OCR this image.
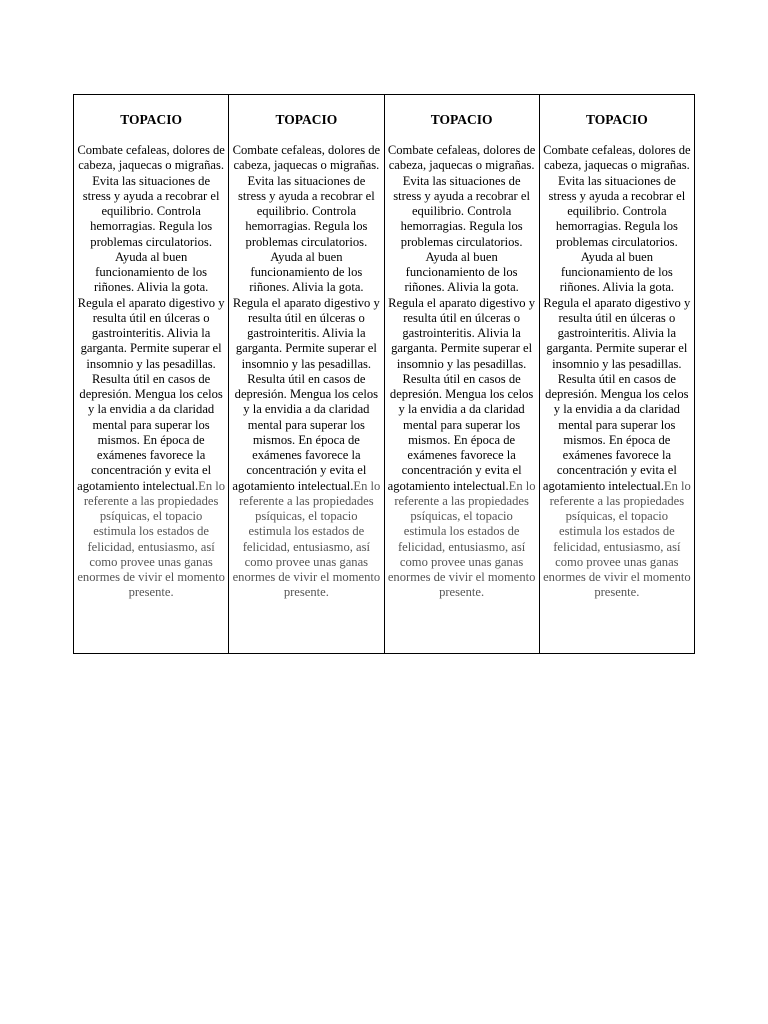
TOPACIO

Combate cefaleas, dolores de cabeza, jaquecas o migrañas. Evita las situaciones de stress y ayuda a recobrar el equilibrio. Controla hemorragias. Regula los problemas circulatorios. Ayuda al buen funcionamiento de los riñones. Alivia la gota. Regula el aparato digestivo y resulta útil en úlceras o gastrointeritis. Alivia la garganta. Permite superar el insomnio y las pesadillas. Resulta útil en casos de depresión. Mengua los celos y la envidia a da claridad mental para superar los mismos. En época de exámenes favorece la concentración y evita el agotamiento intelectual.En lo referente a las propiedades psíquicas, el topacio estimula los estados de felicidad, entusiasmo, así como provee unas ganas enormes de vivir el momento presente.

TOPACIO

Combate cefaleas, dolores de cabeza, jaquecas o migrañas. Evita las situaciones de stress y ayuda a recobrar el equilibrio. Controla hemorragias. Regula los problemas circulatorios. Ayuda al buen funcionamiento de los riñones. Alivia la gota. Regula el aparato digestivo y resulta útil en úlceras o gastrointeritis. Alivia la garganta. Permite superar el insomnio y las pesadillas. Resulta útil en casos de depresión. Mengua los celos y la envidia a da claridad mental para superar los mismos. En época de exámenes favorece la concentración y evita el agotamiento intelectual.En lo referente a las propiedades psíquicas, el topacio estimula los estados de felicidad, entusiasmo, así como provee unas ganas enormes de vivir el momento presente.

TOPACIO

Combate cefaleas, dolores de cabeza, jaquecas o migrañas. Evita las situaciones de stress y ayuda a recobrar el equilibrio. Controla hemorragias. Regula los problemas circulatorios. Ayuda al buen funcionamiento de los riñones. Alivia la gota. Regula el aparato digestivo y resulta útil en úlceras o gastrointeritis. Alivia la garganta. Permite superar el insomnio y las pesadillas. Resulta útil en casos de depresión. Mengua los celos y la envidia a da claridad mental para superar los mismos. En época de exámenes favorece la concentración y evita el agotamiento intelectual.En lo referente a las propiedades psíquicas, el topacio estimula los estados de felicidad, entusiasmo, así como provee unas ganas enormes de vivir el momento presente.

TOPACIO

Combate cefaleas, dolores de cabeza, jaquecas o migrañas. Evita las situaciones de stress y ayuda a recobrar el equilibrio. Controla hemorragias. Regula los problemas circulatorios. Ayuda al buen funcionamiento de los riñones. Alivia la gota. Regula el aparato digestivo y resulta útil en úlceras o gastrointeritis. Alivia la garganta. Permite superar el insomnio y las pesadillas. Resulta útil en casos de depresión. Mengua los celos y la envidia a da claridad mental para superar los mismos. En época de exámenes favorece la concentración y evita el agotamiento intelectual.En lo referente a las propiedades psíquicas, el topacio estimula los estados de felicidad, entusiasmo, así como provee unas ganas enormes de vivir el momento presente.
